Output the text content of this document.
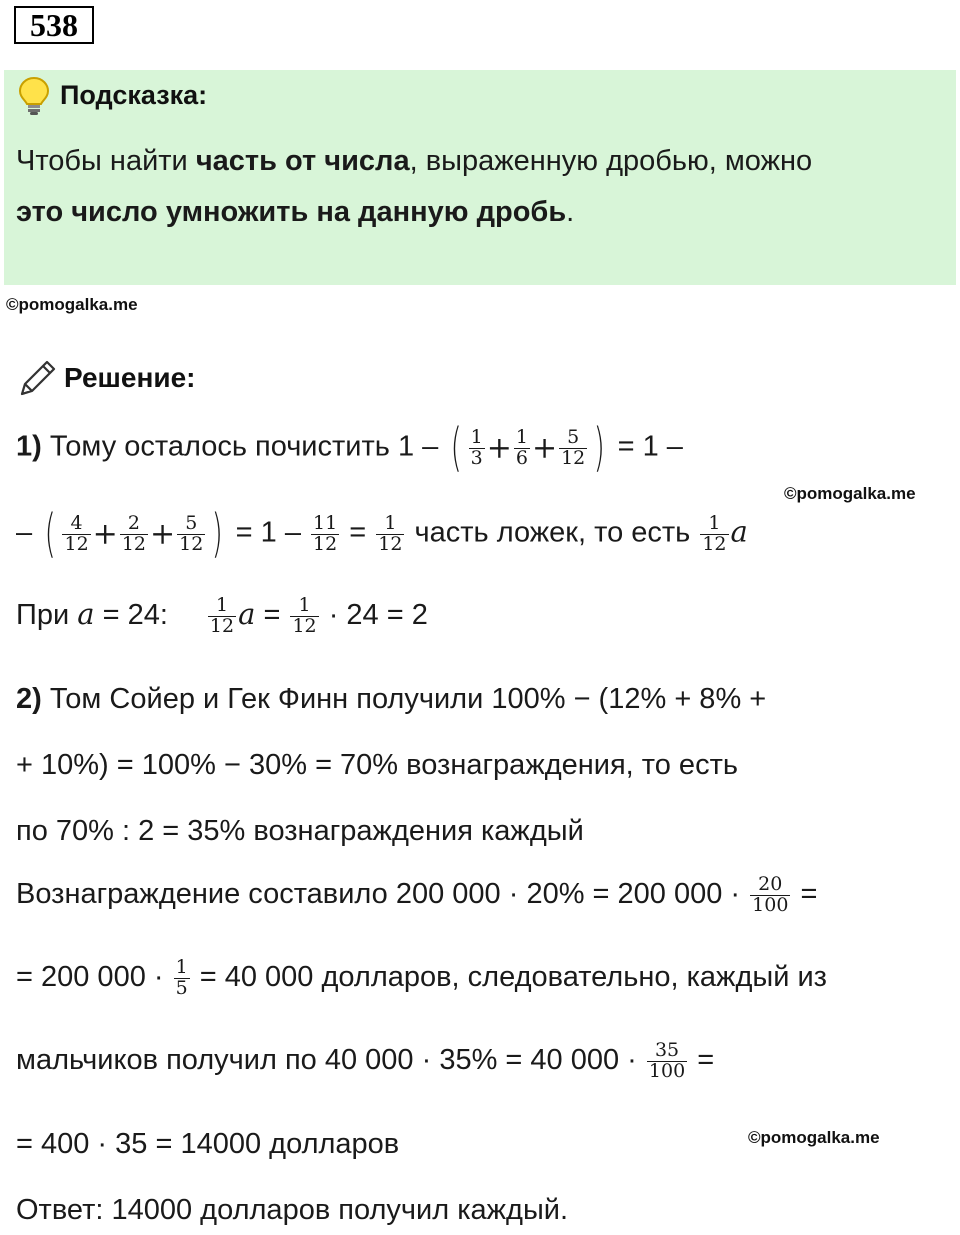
538
Подсказка:
Чтобы найти часть от числа, выраженную дробью, можно
это число умножить на данную дробь.
©pomogalka.me
Решение:
1) Тому осталось почистить 1 – ( $\frac{1}{3} + \frac{1}{6} + \frac{5}{12}$ ) = 1 –
©pomogalka.me
– ( $\frac{4}{12} + \frac{2}{12} + \frac{5}{12}$ ) = $1 - \frac{11}{12} = \frac{1}{12}$ часть ложек, то есть $\frac{1}{12}$ a
При a = 24: $\frac{1}{12}$ $a = \frac{1}{12} \cdot 24 = 2$
2) Том Сойер и Гек Финн получили 100% − (12% + 8% +
+ 10%) = 100% − 30% = 70% вознаграждения, то есть
по 70% : 2 = 35% вознаграждения каждый
Вознаграждение составило 200 000 · 20% = 200 $000 \cdot \frac{20}{100}$ =
= 200 $000 \cdot \frac{1}{5} = 40$ 000 долларов, следовательно, каждый из
мальчиков получил по 40 000 · 35% = 40 $000 \cdot \frac{35}{100}$ =
©pomogalka.me
= 400 · 35 = 14000 долларов
Ответ: 14000 долларов получил каждый.
